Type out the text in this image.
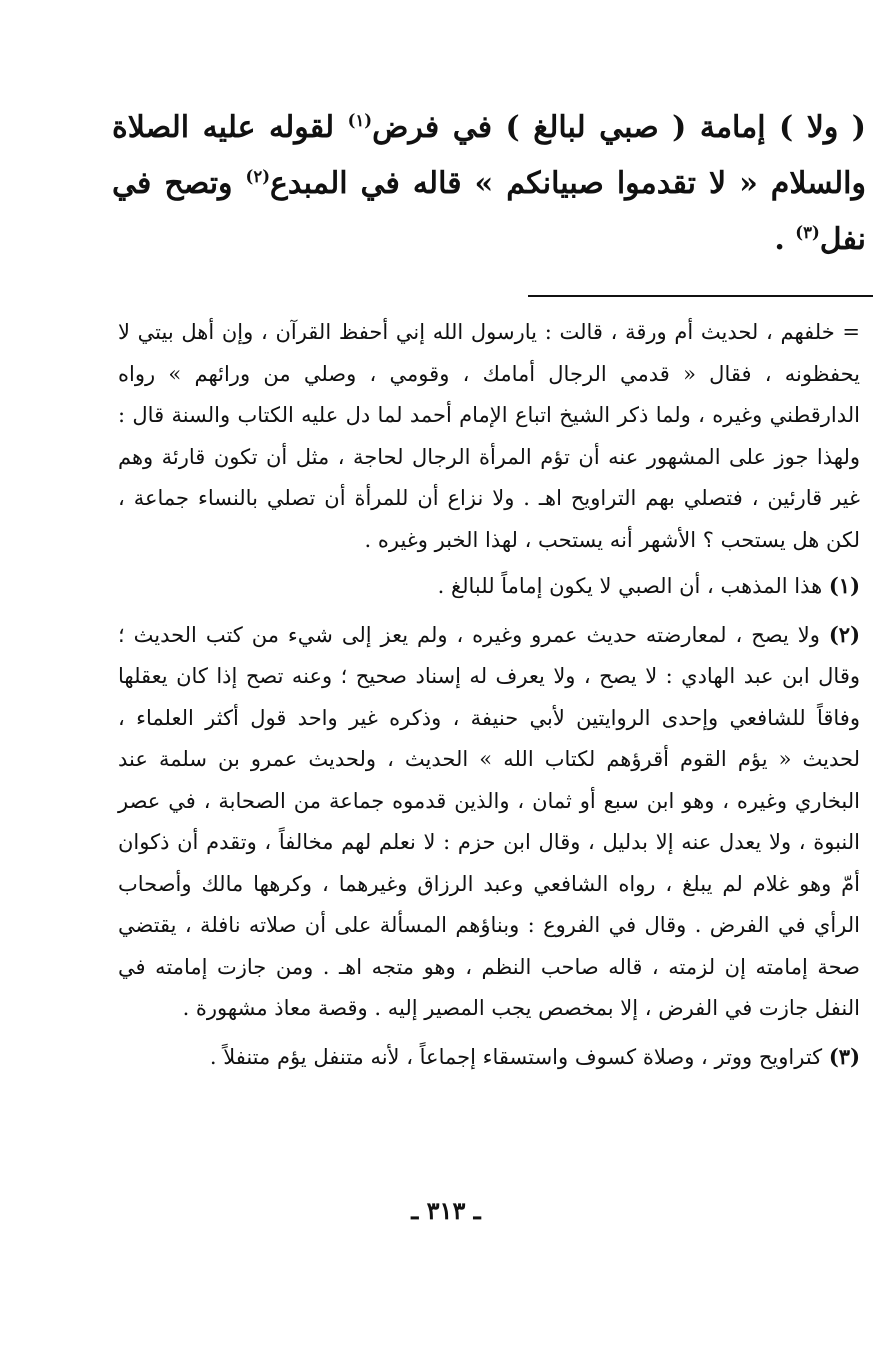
( ولا ) إمامة ( صبي لبالغ ) في فرض$^{(١)}$ لقوله عليه الصلاة والسلام « لا تقدموا صبيانكم » قاله في المبدع$^{(٢)}$ وتصح في نفل$^{(٣)}$ .

= خلفهم ، لحديث أم ورقة ، قالت : يارسول الله إني أحفظ القرآن ، وإن أهل بيتي لا يحفظونه ، فقال « قدمي الرجال أمامك ، وقومي ، وصلي من ورائهم » رواه الدارقطني وغيره ، ولما ذكر الشيخ اتباع الإمام أحمد لما دل عليه الكتاب والسنة قال : ولهذا جوز على المشهور عنه أن تؤم المرأة الرجال لحاجة ، مثل أن تكون قارئة وهم غير قارئين ، فتصلي بهم التراويح اهـ . ولا نزاع أن للمرأة أن تصلي بالنساء جماعة ، لكن هل يستحب ؟ الأشهر أنه يستحب ، لهذا الخبر وغيره .

(١) هذا المذهب ، أن الصبي لا يكون إماماً للبالغ .

(٢) ولا يصح ، لمعارضته حديث عمرو وغيره ، ولم يعز إلى شيء من كتب الحديث ؛ وقال ابن عبد الهادي : لا يصح ، ولا يعرف له إسناد صحيح ؛ وعنه تصح إذا كان يعقلها وفاقاً للشافعي وإحدى الروايتين لأبي حنيفة ، وذكره غير واحد قول أكثر العلماء ، لحديث « يؤم القوم أقرؤهم لكتاب الله » الحديث ، ولحديث عمرو بن سلمة عند البخاري وغيره ، وهو ابن سبع أو ثمان ، والذين قدموه جماعة من الصحابة ، في عصر النبوة ، ولا يعدل عنه إلا بدليل ، وقال ابن حزم : لا نعلم لهم مخالفاً ، وتقدم أن ذكوان أمّ وهو غلام لم يبلغ ، رواه الشافعي وعبد الرزاق وغيرهما ، وكرهها مالك وأصحاب الرأي في الفرض . وقال في الفروع : وبناؤهم المسألة على أن صلاته نافلة ، يقتضي صحة إمامته إن لزمته ، قاله صاحب النظم ، وهو متجه اهـ . ومن جازت إمامته في النفل جازت في الفرض ، إلا بمخصص يجب المصير إليه . وقصة معاذ مشهورة .

(٣) كتراويح ووتر ، وصلاة كسوف واستسقاء إجماعاً ، لأنه متنفل يؤم متنفلاً .

ـ ٣١٣ ـ
